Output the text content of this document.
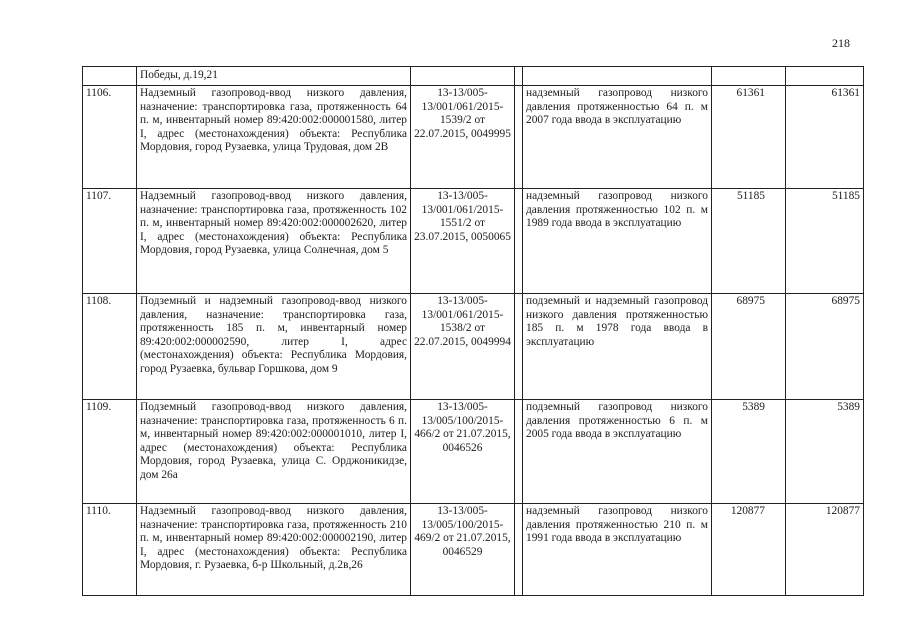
218
	Победы, д.19,21					
1106.	Надземный газопровод-ввод низкого давления, назначение: транспортировка газа, протяженность 64 п. м, инвентарный номер 89:420:002:000001580, литер I, адрес (местонахождения) объекта: Республика Мордовия, город Рузаевка, улица Трудовая, дом 2В	13-13/005-13/001/061/2015-1539/2 от 22.07.2015, 0049995		надземный газопровод низкого давления протяженностью 64 п. м 2007 года ввода в эксплуатацию	61361	61361
1107.	Надземный газопровод-ввод низкого давления, назначение: транспортировка газа, протяженность 102 п. м, инвентарный номер 89:420:002:000002620, литер I, адрес (местонахождения) объекта: Республика Мордовия, город Рузаевка, улица Солнечная, дом 5	13-13/005-13/001/061/2015-1551/2 от 23.07.2015, 0050065		надземный газопровод низкого давления протяженностью 102 п. м 1989 года ввода в эксплуатацию	51185	51185
1108.	Подземный и надземный газопровод-ввод низкого давления, назначение: транспортировка газа, протяженность 185 п. м, инвентарный номер 89:420:002:000002590, литер I, адрес (местонахождения) объекта: Республика Мордовия, город Рузаевка, бульвар Горшкова, дом 9	13-13/005-13/001/061/2015-1538/2 от 22.07.2015, 0049994		подземный и надземный газопровод низкого давления протяженностью 185 п. м 1978 года ввода в эксплуатацию	68975	68975
1109.	Подземный газопровод-ввод низкого давления, назначение: транспортировка газа, протяженность 6 п. м, инвентарный номер 89:420:002:000001010, литер I, адрес (местонахождения) объекта: Республика Мордовия, город Рузаевка, улица С. Орджоникидзе, дом 26а	13-13/005-13/005/100/2015-466/2 от 21.07.2015, 0046526		подземный газопровод низкого давления протяженностью 6 п. м 2005 года ввода в эксплуатацию	5389	5389
1110.	Надземный газопровод-ввод низкого давления, назначение: транспортировка газа, протяженность 210 п. м, инвентарный номер 89:420:002:000002190, литер I, адрес (местонахождения) объекта: Республика Мордовия, г. Рузаевка, б-р Школьный, д.2в,26	13-13/005-13/005/100/2015-469/2 от 21.07.2015, 0046529		надземный газопровод низкого давления протяженностью 210 п. м 1991 года ввода в эксплуатацию	120877	120877
